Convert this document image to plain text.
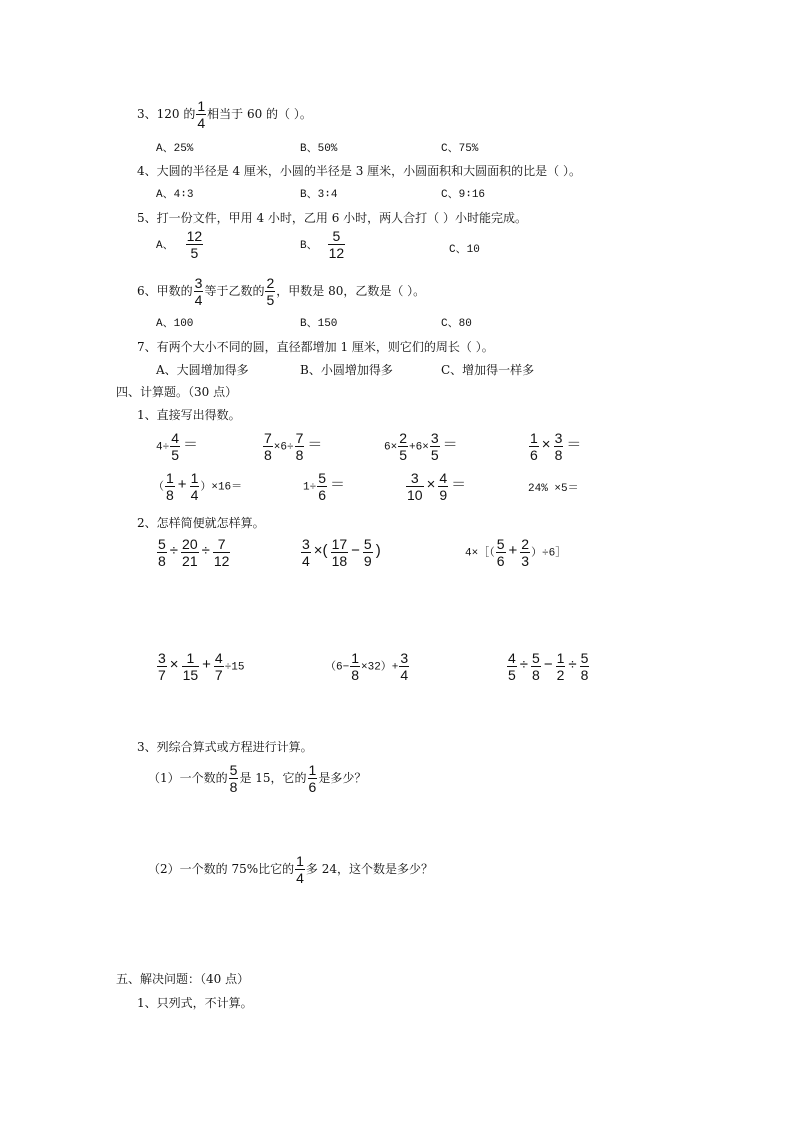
3、120 的 $\frac{1}{4}$ 相当于 60 的（ ）。
A、25%	B、50%	C、75%
4、大圆的半径是 4 厘米，小圆的半径是 3 厘米，小圆面积和大圆面积的比是（ ）。
A、4∶3	B、3∶4	C、9∶16
5、打一份文件，甲用 4 小时，乙用 6 小时，两人合打（ ）小时能完成。
A、 $\frac{12}{5}$	B、 $\frac{5}{12}$	C、10
6、甲数的 $\frac{3}{4}$ 等于乙数的 $\frac{2}{5}$ ，甲数是 80，乙数是（ ）。
A、100	B、150	C、80
7、有两个大小不同的圆，直径都增加 1 厘米，则它们的周长（ ）。
A、大圆增加得多	B、小圆增加得多	C、增加得一样多
四、计算题。（30 点）
1、直接写出得数。
$4\div \frac{4}{5}$ ＝	$\frac{7}{8} \times 6\div \frac{7}{8}$ ＝	$6\times \frac{2}{5} +6\times \frac{3}{5}$ ＝	$\frac{1}{6} \times \frac{3}{8}$ ＝
（ $\frac{1}{8} + \frac{1}{4} )\times 16=$	$1\div \frac{5}{6}$ ＝	$\frac{3}{10} \times \frac{4}{9}$ ＝	24% ×5＝
2、怎样简便就怎样算。
$\frac{5}{8} \div \frac{20}{21} \div \frac{7}{12}$	$\frac{3}{4}$ ×( $\frac{17}{18} - \frac{5}{9}$ )	4×［（ $\frac{5}{6} + \frac{2}{3}$ ）÷6］
$\frac{3}{7} \times \frac{1}{15} + \frac{4}{7} \div 15$	$(6- \frac{1}{8} \times 32)+ \frac{3}{4}$	$\frac{4}{5} \div \frac{5}{8} - \frac{1}{2} \div \frac{5}{8}$
3、列综合算式或方程进行计算。
（1）一个数的 $\frac{5}{8}$ 是 15，它的 $\frac{1}{6}$ 是多少？
（2）一个数的 75%比它的 $\frac{1}{4}$ 多 24，这个数是多少？
五、解决问题：（40 点）
1、只列式，不计算。
